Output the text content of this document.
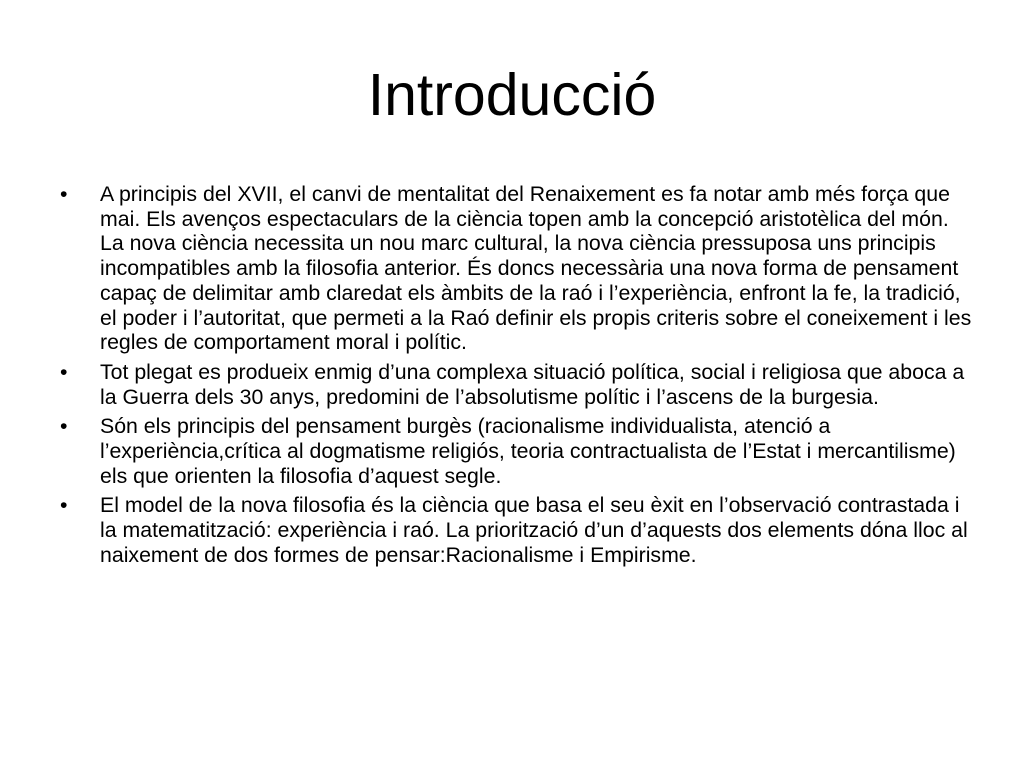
Introducció
• A principis del XVII, el canvi de mentalitat del Renaixement es fa notar amb més força que mai. Els avenços espectaculars de la ciència topen amb la concepció aristotèlica del món. La nova ciència necessita un nou marc cultural, la nova ciència pressuposa uns principis incompatibles amb la filosofia anterior. És doncs necessària una nova forma de pensament capaç de delimitar amb claredat els àmbits de la raó i l’experiència, enfront la fe, la tradició, el poder i l’autoritat, que permeti a la Raó definir els propis criteris sobre el coneixement i les regles de comportament moral i polític.
• Tot plegat es produeix enmig d’una complexa situació política, social i religiosa que aboca a la Guerra dels 30 anys, predomini de l’absolutisme polític i l’ascens de la burgesia.
• Són els principis del pensament burgès (racionalisme individualista, atenció a l’experiència,crítica al dogmatisme religiós, teoria contractualista de l’Estat i mercantilisme) els que orienten la filosofia d’aquest segle.
• El model de la nova filosofia és la ciència que basa el seu èxit en l’observació contrastada i la matematització: experiència i raó. La priorització d’un d’aquests dos elements dóna lloc al naixement de dos formes de pensar:Racionalisme i Empirisme.
